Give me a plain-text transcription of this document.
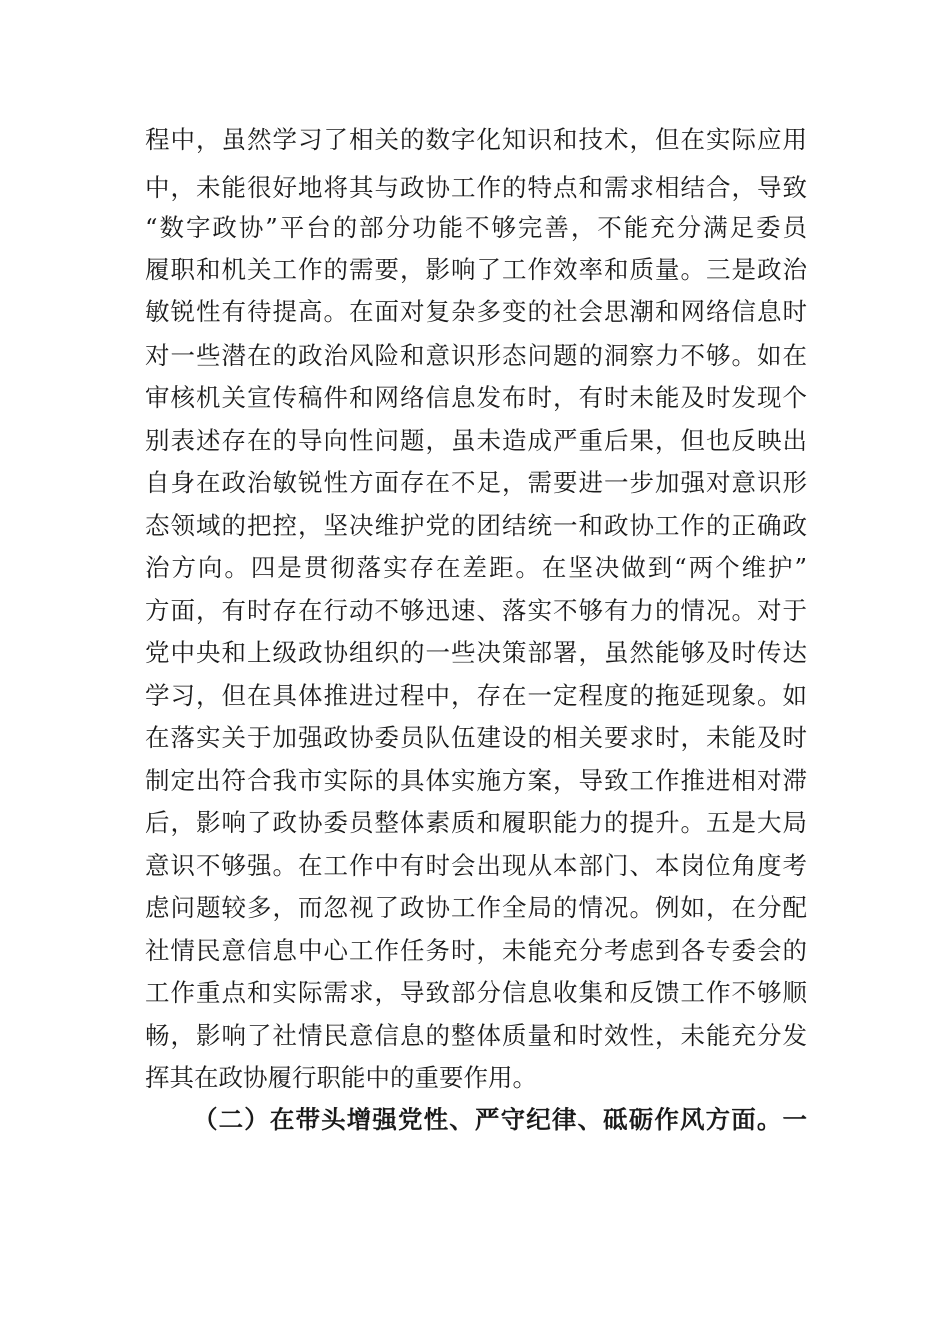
程中，虽然学习了相关的数字化知识和技术，但在实际应用
中，未能很好地将其与政协工作的特点和需求相结合，导致
“数字政协”平台的部分功能不够完善，不能充分满足委员
履职和机关工作的需要，影响了工作效率和质量。三是政治
敏锐性有待提高。在面对复杂多变的社会思潮和网络信息时
对一些潜在的政治风险和意识形态问题的洞察力不够。如在
审核机关宣传稿件和网络信息发布时，有时未能及时发现个
别表述存在的导向性问题，虽未造成严重后果，但也反映出
自身在政治敏锐性方面存在不足，需要进一步加强对意识形
态领域的把控，坚决维护党的团结统一和政协工作的正确政
治方向。四是贯彻落实存在差距。在坚决做到“两个维护”
方面，有时存在行动不够迅速、落实不够有力的情况。对于
党中央和上级政协组织的一些决策部署，虽然能够及时传达
学习，但在具体推进过程中，存在一定程度的拖延现象。如
在落实关于加强政协委员队伍建设的相关要求时，未能及时
制定出符合我市实际的具体实施方案，导致工作推进相对滞
后，影响了政协委员整体素质和履职能力的提升。五是大局
意识不够强。在工作中有时会出现从本部门、本岗位角度考
虑问题较多，而忽视了政协工作全局的情况。例如，在分配
社情民意信息中心工作任务时，未能充分考虑到各专委会的
工作重点和实际需求，导致部分信息收集和反馈工作不够顺
畅，影响了社情民意信息的整体质量和时效性，未能充分发
挥其在政协履行职能中的重要作用。
（二）在带头增强党性、严守纪律、砥砺作风方面。一
